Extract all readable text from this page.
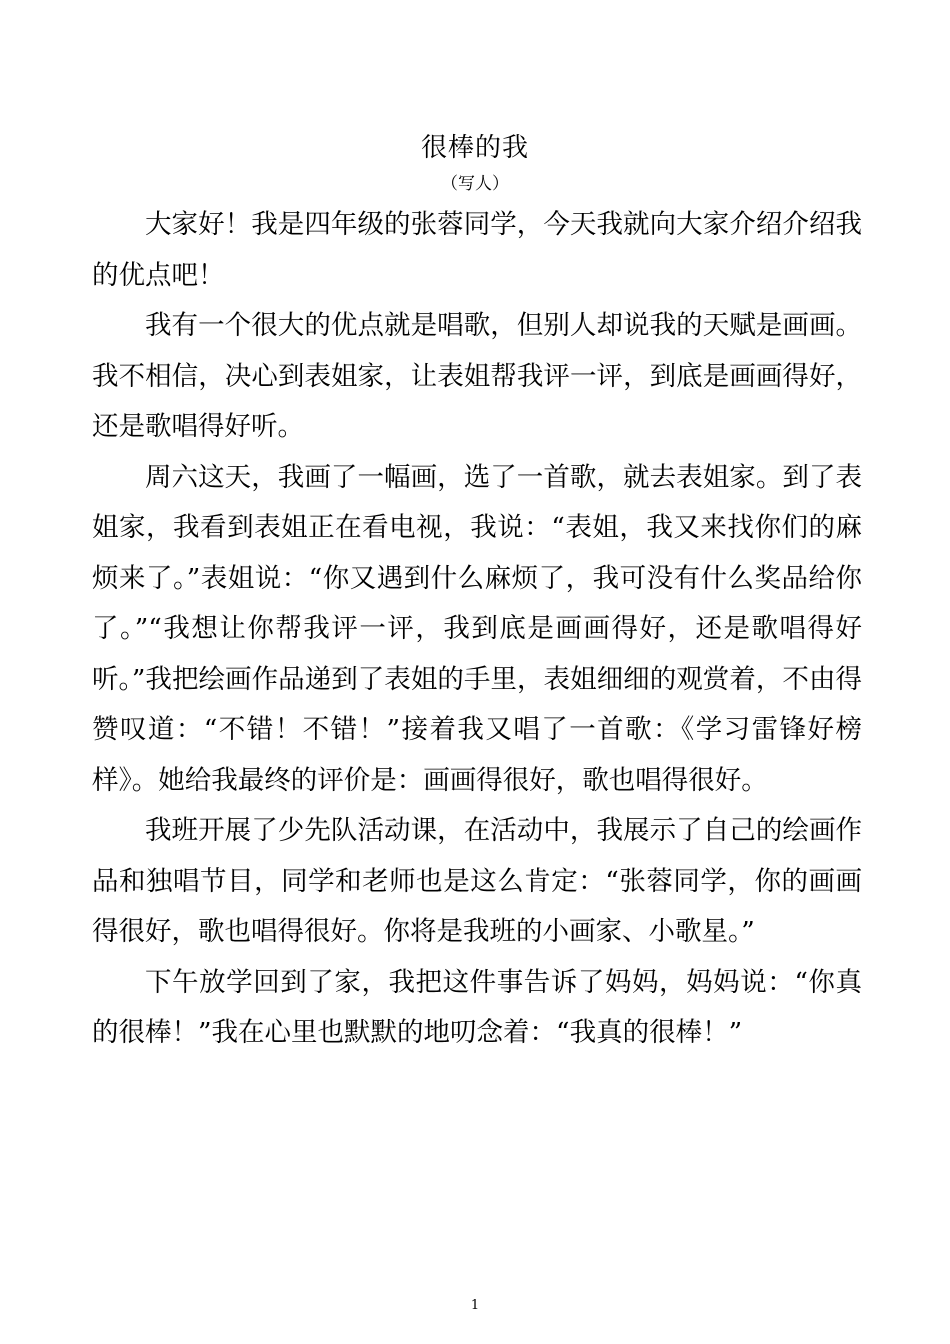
很棒的我
（写人）

大家好！我是四年级的张蓉同学，今天我就向大家介绍介绍我的优点吧！

我有一个很大的优点就是唱歌，但别人却说我的天赋是画画。我不相信，决心到表姐家，让表姐帮我评一评，到底是画画得好，还是歌唱得好听。

周六这天，我画了一幅画，选了一首歌，就去表姐家。到了表姐家，我看到表姐正在看电视，我说：“表姐，我又来找你们的麻烦来了。”表姐说：“你又遇到什么麻烦了，我可没有什么奖品给你了。”“我想让你帮我评一评，我到底是画画得好，还是歌唱得好听。”我把绘画作品递到了表姐的手里，表姐细细的观赏着，不由得赞叹道：“不错！不错！”接着我又唱了一首歌：《学习雷锋好榜样》。她给我最终的评价是：画画得很好，歌也唱得很好。

我班开展了少先队活动课，在活动中，我展示了自己的绘画作品和独唱节目，同学和老师也是这么肯定：“张蓉同学，你的画画得很好，歌也唱得很好。你将是我班的小画家、小歌星。”

下午放学回到了家，我把这件事告诉了妈妈，妈妈说：“你真的很棒！”我在心里也默默的地叨念着：“我真的很棒！”

1
